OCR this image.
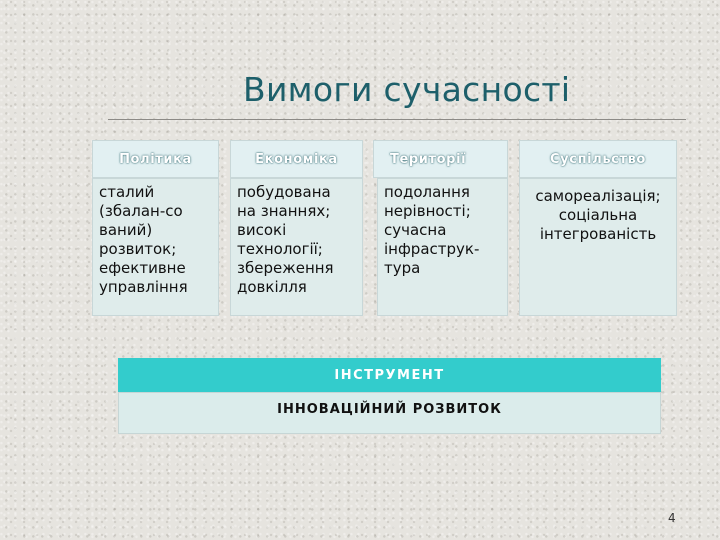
Вимоги сучасності
Політика
сталий
(збалан-со
ваний)
розвиток;
ефективне
управління
Економіка
побудована
на знаннях;
високі
технології;
збереження
довкілля
Території
подолання
нерівності;
сучасна
інфраструк-
тура
Суспільство
самореалізація;
соціальна
інтегрованість
ІНСТРУМЕНТ
ІННОВАЦІЙНИЙ РОЗВИТОК
4
